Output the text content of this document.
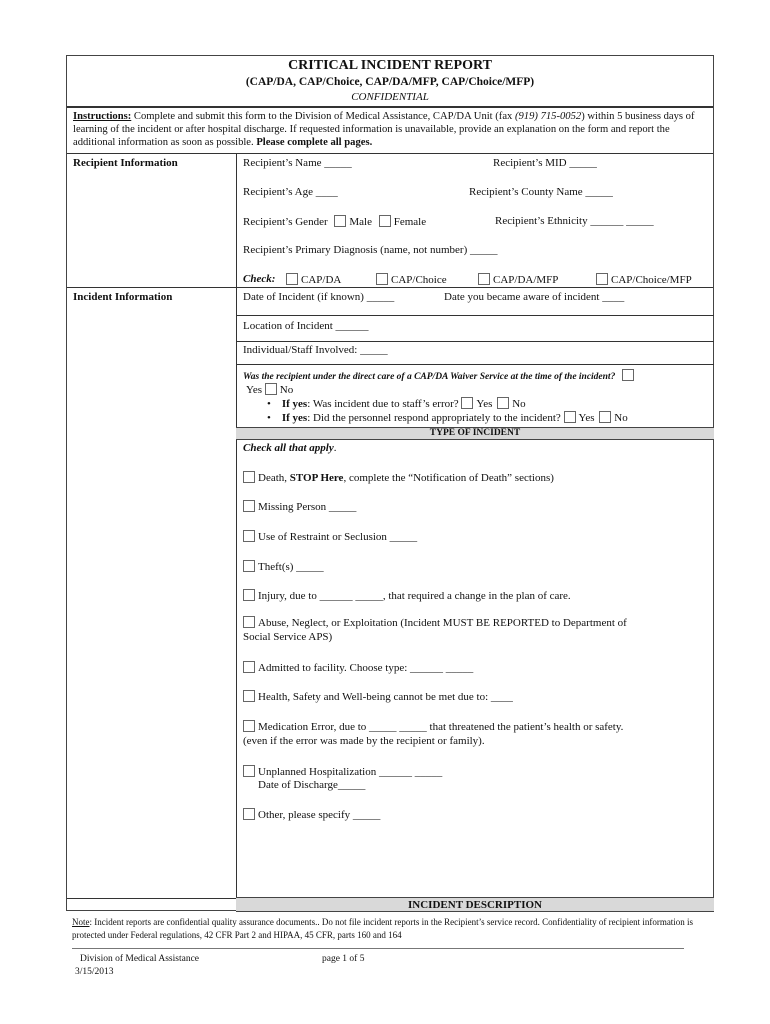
CRITICAL INCIDENT REPORT
(CAP/DA, CAP/Choice, CAP/DA/MFP, CAP/Choice/MFP)
CONFIDENTIAL
Instructions: Complete and submit this form to the Division of Medical Assistance, CAP/DA Unit (fax (919) 715-0052) within 5 business days of learning of the incident or after hospital discharge. If requested information is unavailable, provide an explanation on the form and report the additional information as soon as possible. Please complete all pages.
Recipient Information	Recipient’s Name _____	Recipient’s MID _____
Recipient’s Age ____	Recipient’s County Name _____
Recipient’s Gender Male Female	Recipient’s Ethnicity ______ _____
Recipient’s Primary Diagnosis (name, not number) _____
Check:	CAP/DA	CAP/Choice	CAP/DA/MFP	CAP/Choice/MFP
Incident Information	Date of Incident (if known) _____	Date you became aware of incident ____
Location of Incident ______
Individual/Staff Involved: _____
Was the recipient under the direct care of a CAP/DA Waiver Service at the time of the incident?
Yes No
•    If yes: Was incident due to staff’s error? Yes No
•    If yes: Did the personnel respond appropriately to the incident? Yes No
TYPE OF INCIDENT
Check all that apply.
Death, STOP Here, complete the “Notification of Death” sections)
Missing Person _____
Use of Restraint or Seclusion _____
Theft(s) _____
Injury, due to ______ _____, that required a change in the plan of care.
Abuse, Neglect, or Exploitation (Incident MUST BE REPORTED to Department of
Social Service APS)
Admitted to facility. Choose type: ______ _____
Health, Safety and Well-being cannot be met due to: ____
Medication Error, due to _____ _____ that threatened the patient’s health or safety.
(even if the error was made by the recipient or family).
Unplanned Hospitalization ______ _____
Date of Discharge_____
Other, please specify _____
INCIDENT DESCRIPTION
Note: Incident reports are confidential quality assurance documents.. Do not file incident reports in the Recipient’s service record. Confidentiality of recipient information is protected under Federal regulations, 42 CFR Part 2 and HIPAA, 45 CFR, parts 160 and 164
Division of Medical Assistance
3/15/2013
page 1 of 5
